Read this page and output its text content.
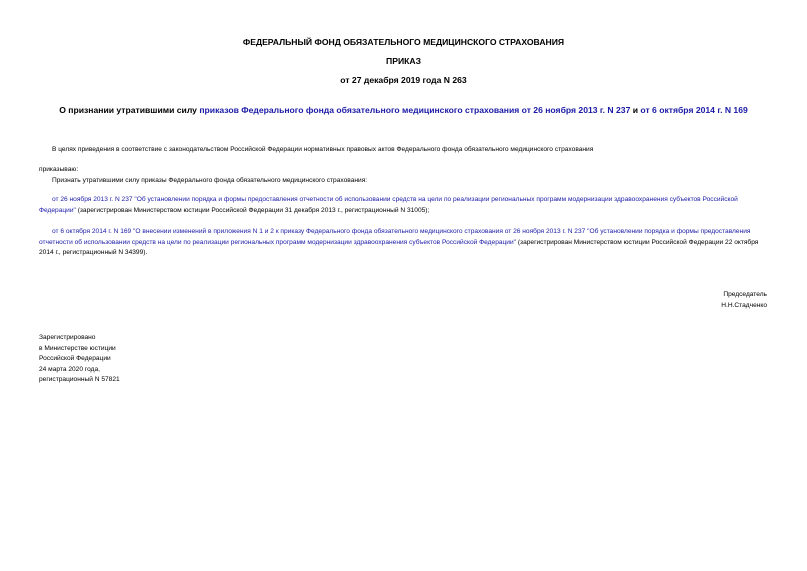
ФЕДЕРАЛЬНЫЙ ФОНД ОБЯЗАТЕЛЬНОГО МЕДИЦИНСКОГО СТРАХОВАНИЯ
ПРИКАЗ
от 27 декабря 2019 года N 263
О признании утратившими силу приказов Федерального фонда обязательного медицинского страхования от 26 ноября 2013 г. N 237 и от 6 октября 2014 г. N 169
В целях приведения в соответствие с законодательством Российской Федерации нормативных правовых актов Федерального фонда обязательного медицинского страхования
приказываю:
Признать утратившими силу приказы Федерального фонда обязательного медицинского страхования:
от 26 ноября 2013 г. N 237 "Об установлении порядка и формы предоставления отчетности об использовании средств на цели по реализации региональных программ модернизации здравоохранения субъектов Российской Федерации" (зарегистрирован Министерством юстиции Российской Федерации 31 декабря 2013 г., регистрационный N 31005);
от 6 октября 2014 г. N 169 "О внесении изменений в приложения N 1 и 2 к приказу Федерального фонда обязательного медицинского страхования от 26 ноября 2013 г. N 237 "Об установлении порядка и формы предоставления отчетности об использовании средств на цели по реализации региональных программ модернизации здравоохранения субъектов Российской Федерации" (зарегистрирован Министерством юстиции Российской Федерации 22 октября 2014 г., регистрационный N 34399).
Председатель
Н.Н.Стадченко
Зарегистрировано
в Министерстве юстиции
Российской Федерации
24 марта 2020 года,
регистрационный N 57821
